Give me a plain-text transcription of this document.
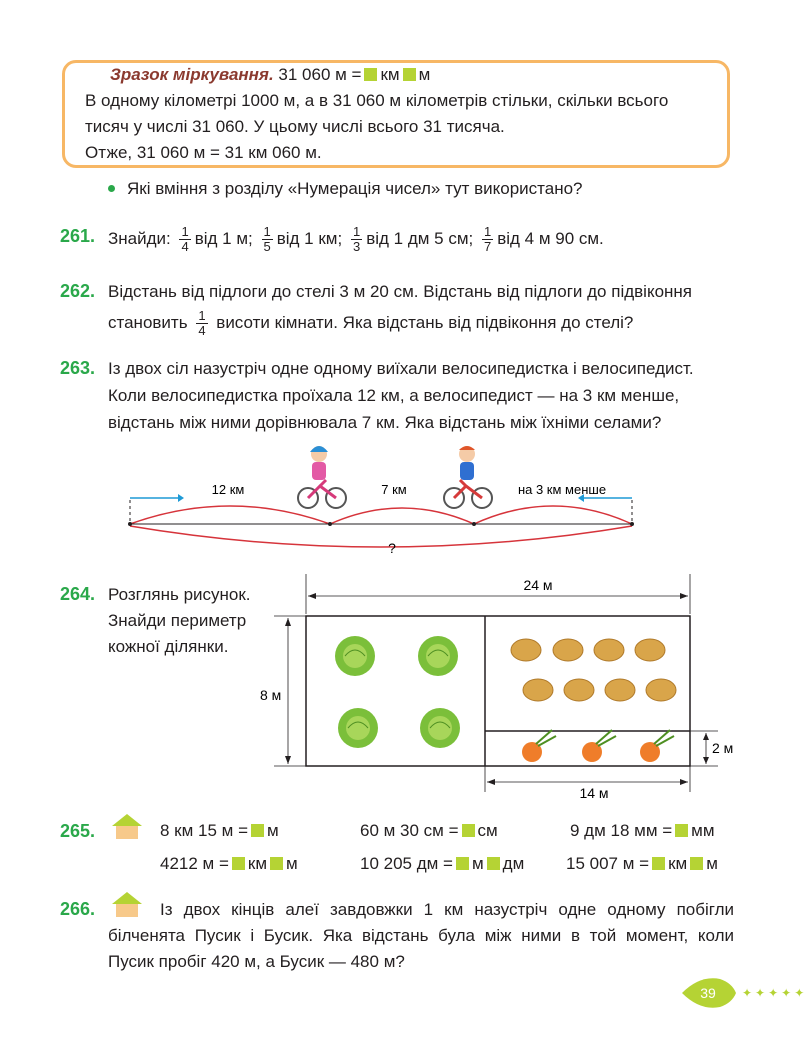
Зразок міркування. 31 060 м = км м
В одному кілометрі 1000 м, а в 31 060 м кілометрів стільки, скільки всього
тисяч у числі 31 060. У цьому числі всього 31 тисяча.
Отже, 31 060 м = 31 км 060 м.
Які вміння з розділу «Нумерація чисел» тут використано?
261. Знайди: $\frac{1}{4}$ від 1 м; $\frac{1}{5}$ від 1 км; $\frac{1}{3}$ від 1 дм 5 см; $\frac{1}{7}$ від 4 м 90 см.
262. Відстань від підлоги до стелі 3 м 20 см. Відстань від підлоги до підвіконня
становить $\frac{1}{4}$ висоти кімнати. Яка відстань від підвіконня до стелі?
263. Із двох сіл назустріч одне одному виїхали велосипедистка і велосипедист.
Коли велосипедистка проїхала 12 км, а велосипедист — на 3 км менше,
відстань між ними дорівнювала 7 км. Яка відстань між їхніми селами?
12 км	7 км	на 3 км менше
?
264. Розглянь рисунок.
Знайди периметр
кожної ділянки.
24 м
8 м
2 м
14 м
265.	8 км 15 м = м	60 м 30 см = см	9 дм 18 мм = мм
4212 м = км м	10 205 дм = м дм 15 007 м = км м
266.	Із двох кінців алеї завдовжки 1 км назустріч одне одному побігли
білченята Пусик і Бусик. Яка відстань була між ними в той момент, коли
Пусик пробіг 420 м, а Бусик — 480 м?
39 ✦✦✦✦✦
